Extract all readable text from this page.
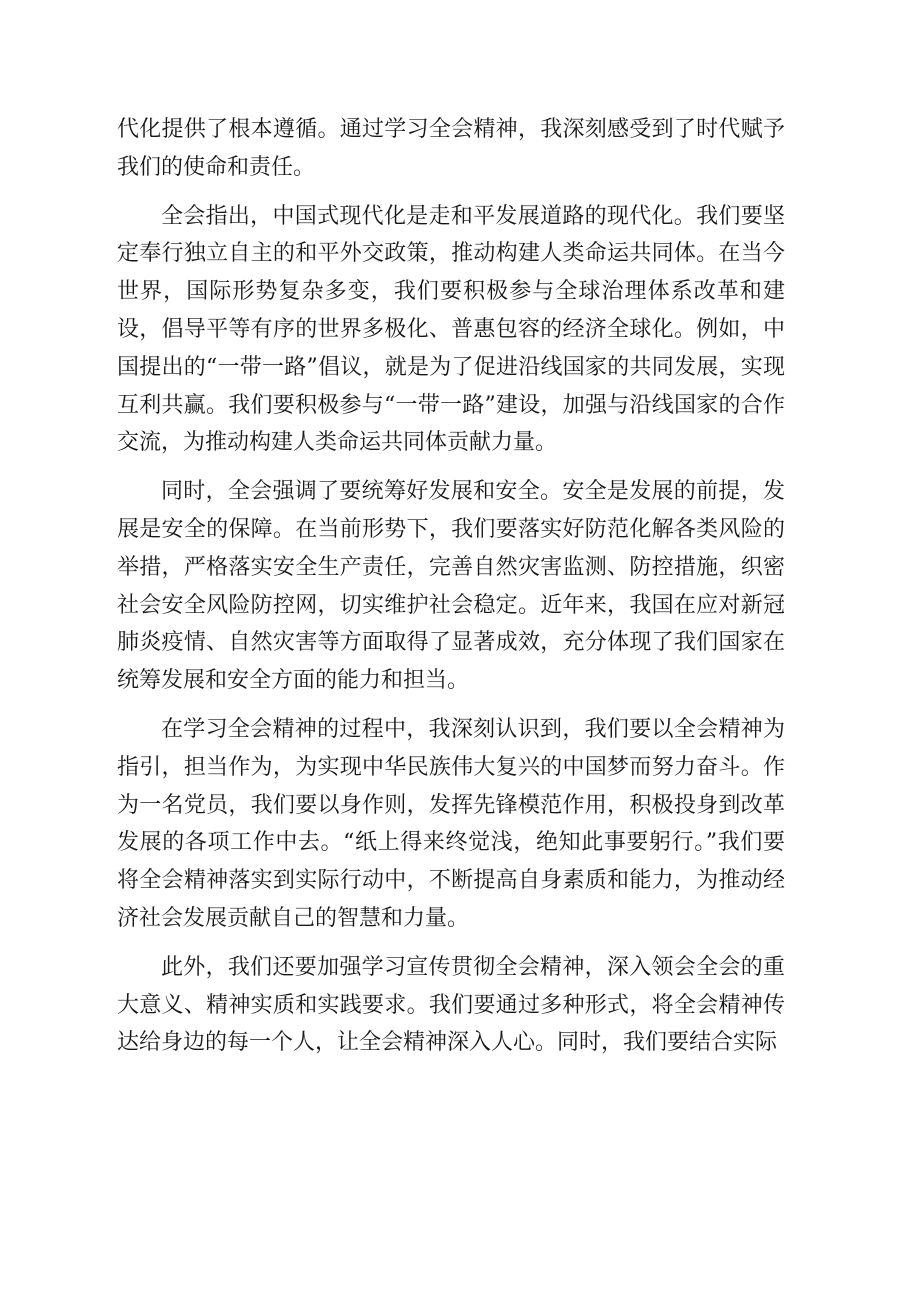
代化提供了根本遵循。通过学习全会精神，我深刻感受到了时代赋予我们的使命和责任。

全会指出，中国式现代化是走和平发展道路的现代化。我们要坚定奉行独立自主的和平外交政策，推动构建人类命运共同体。在当今世界，国际形势复杂多变，我们要积极参与全球治理体系改革和建设，倡导平等有序的世界多极化、普惠包容的经济全球化。例如，中国提出的“一带一路”倡议，就是为了促进沿线国家的共同发展，实现互利共赢。我们要积极参与“一带一路”建设，加强与沿线国家的合作交流，为推动构建人类命运共同体贡献力量。

同时，全会强调了要统筹好发展和安全。安全是发展的前提，发展是安全的保障。在当前形势下，我们要落实好防范化解各类风险的举措，严格落实安全生产责任，完善自然灾害监测、防控措施，织密社会安全风险防控网，切实维护社会稳定。近年来，我国在应对新冠肺炎疫情、自然灾害等方面取得了显著成效，充分体现了我们国家在统筹发展和安全方面的能力和担当。

在学习全会精神的过程中，我深刻认识到，我们要以全会精神为指引，担当作为，为实现中华民族伟大复兴的中国梦而努力奋斗。作为一名党员，我们要以身作则，发挥先锋模范作用，积极投身到改革发展的各项工作中去。“纸上得来终觉浅，绝知此事要躬行。”我们要将全会精神落实到实际行动中，不断提高自身素质和能力，为推动经济社会发展贡献自己的智慧和力量。

此外，我们还要加强学习宣传贯彻全会精神，深入领会全会的重大意义、精神实质和实践要求。我们要通过多种形式，将全会精神传达给身边的每一个人，让全会精神深入人心。同时，我们要结合实际
